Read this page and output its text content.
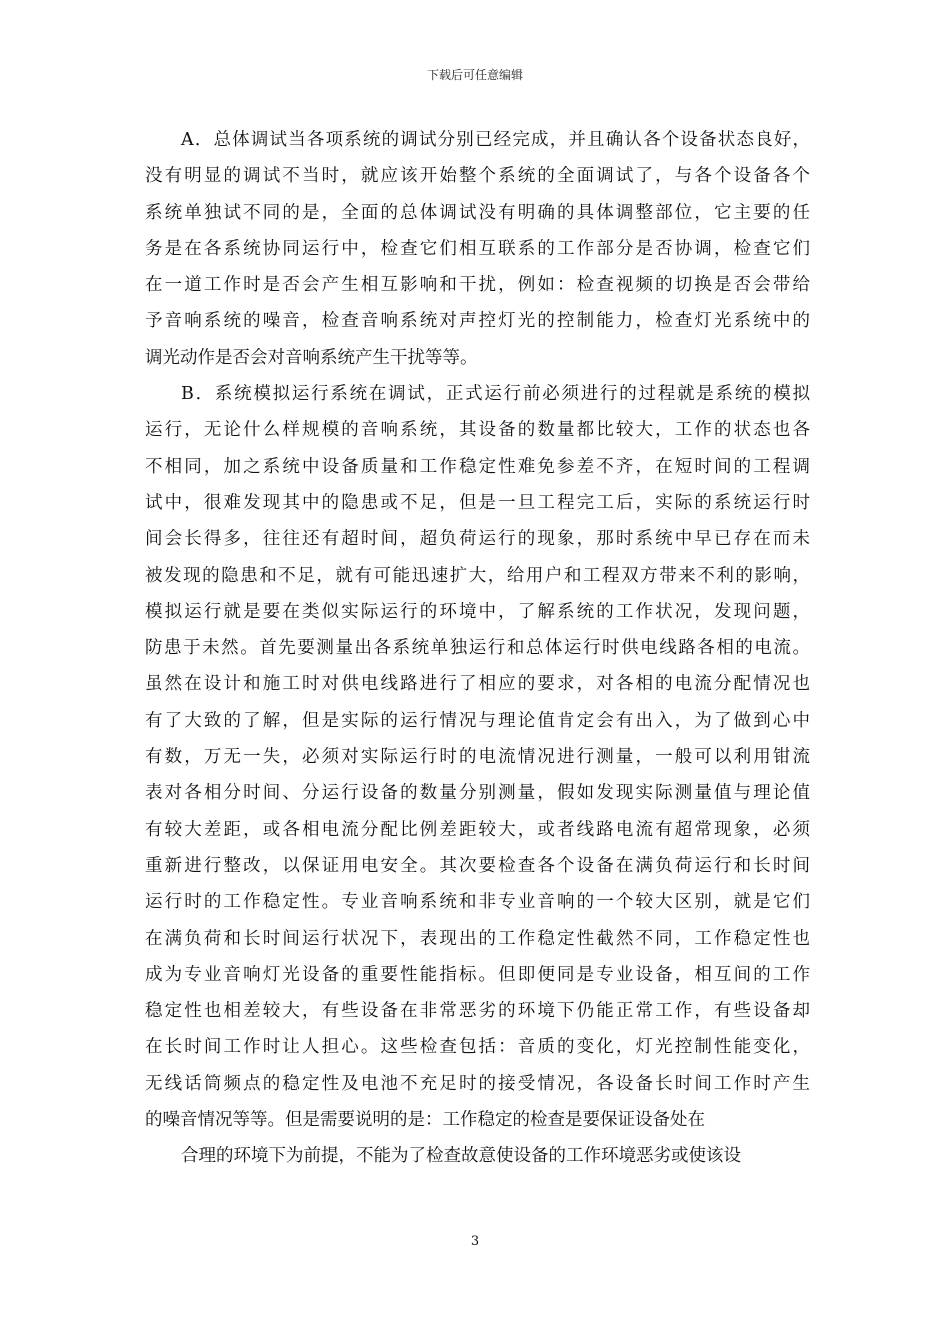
下载后可任意编辑
A．总体调试当各项系统的调试分别已经完成，并且确认各个设备状态良好，
没有明显的调试不当时，就应该开始整个系统的全面调试了，与各个设备各个
系统单独试不同的是，全面的总体调试没有明确的具体调整部位，它主要的任
务是在各系统协同运行中，检查它们相互联系的工作部分是否协调，检查它们
在一道工作时是否会产生相互影响和干扰，例如：检查视频的切换是否会带给
予音响系统的噪音，检查音响系统对声控灯光的控制能力，检查灯光系统中的
调光动作是否会对音响系统产生干扰等等。
B．系统模拟运行系统在调试，正式运行前必须进行的过程就是系统的模拟
运行，无论什么样规模的音响系统，其设备的数量都比较大，工作的状态也各
不相同，加之系统中设备质量和工作稳定性难免参差不齐，在短时间的工程调
试中，很难发现其中的隐患或不足，但是一旦工程完工后，实际的系统运行时
间会长得多，往往还有超时间，超负荷运行的现象，那时系统中早已存在而未
被发现的隐患和不足，就有可能迅速扩大，给用户和工程双方带来不利的影响，
模拟运行就是要在类似实际运行的环境中，了解系统的工作状况，发现问题，
防患于未然。首先要测量出各系统单独运行和总体运行时供电线路各相的电流。
虽然在设计和施工时对供电线路进行了相应的要求，对各相的电流分配情况也
有了大致的了解，但是实际的运行情况与理论值肯定会有出入，为了做到心中
有数，万无一失，必须对实际运行时的电流情况进行测量，一般可以利用钳流
表对各相分时间、分运行设备的数量分别测量，假如发现实际测量值与理论值
有较大差距，或各相电流分配比例差距较大，或者线路电流有超常现象，必须
重新进行整改，以保证用电安全。其次要检查各个设备在满负荷运行和长时间
运行时的工作稳定性。专业音响系统和非专业音响的一个较大区别，就是它们
在满负荷和长时间运行状况下，表现出的工作稳定性截然不同，工作稳定性也
成为专业音响灯光设备的重要性能指标。但即便同是专业设备，相互间的工作
稳定性也相差较大，有些设备在非常恶劣的环境下仍能正常工作，有些设备却
在长时间工作时让人担心。这些检查包括：音质的变化，灯光控制性能变化，
无线话筒频点的稳定性及电池不充足时的接受情况，各设备长时间工作时产生
的噪音情况等等。但是需要说明的是：工作稳定的检查是要保证设备处在
合理的环境下为前提，不能为了检查故意使设备的工作环境恶劣或使该设
3
